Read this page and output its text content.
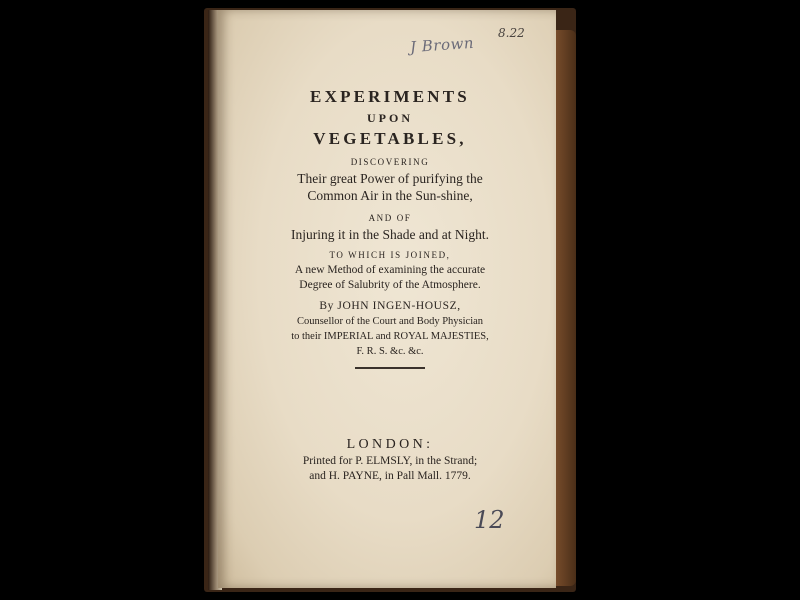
J Brown
8.22
EXPERIMENTS
UPON
VEGETABLES,
DISCOVERING
Their great Power of purifying the
Common Air in the Sun-shine,
AND OF
Injuring it in the Shade and at Night.
TO WHICH IS JOINED,
A new Method of examining the accurate
Degree of Salubrity of the Atmosphere.
By JOHN INGEN-HOUSZ,
Counsellor of the Court and Body Physician
to their IMPERIAL and ROYAL MAJESTIES,
F. R. S. &c. &c.
LONDON:
Printed for P. ELMSLY, in the Strand;
and H. PAYNE, in Pall Mall. 1779.
12
